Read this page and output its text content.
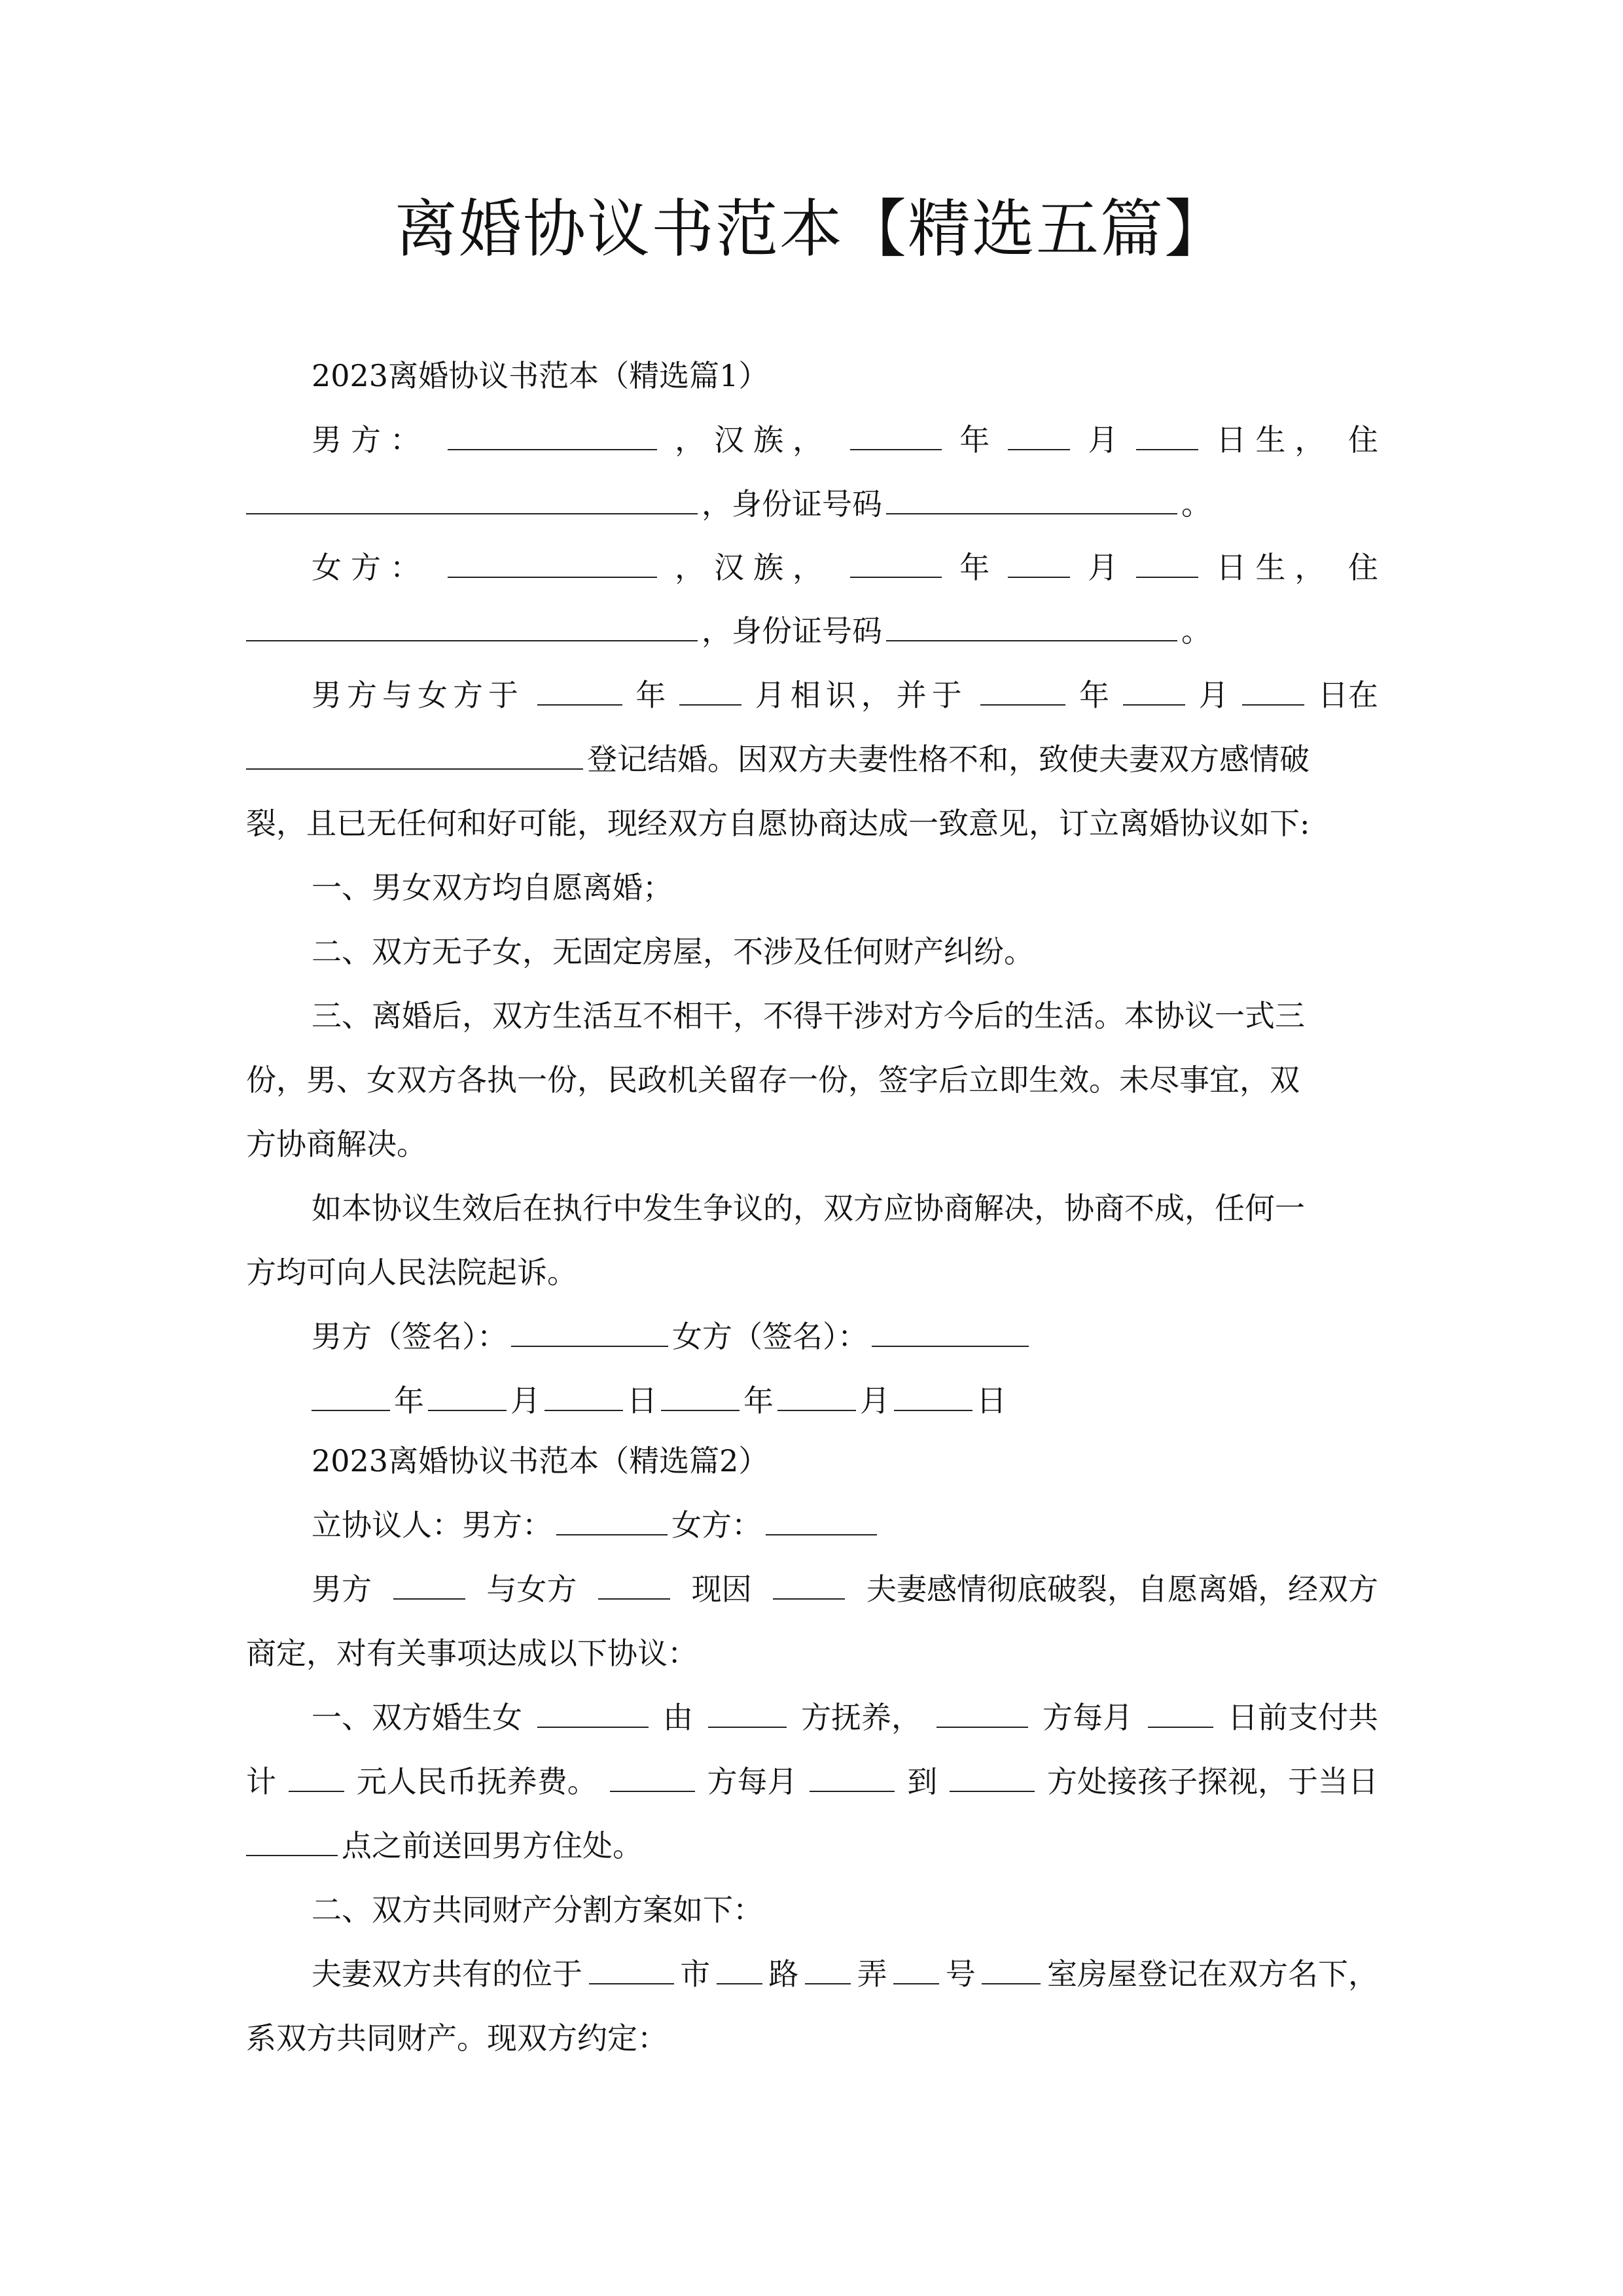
离婚协议书范本【精选五篇】
2023离婚协议书范本（精选篇1）
男方：	，汉族，	年	月	日生， 住
，身份证号码	。
女方：	，汉族，	年	月	日生， 住
，身份证号码	。
男方与女方于	年	月相识，并于	年	月	日在
登记结婚。因双方夫妻性格不和，致使夫妻双方感情破
裂，且已无任何和好可能，现经双方自愿协商达成一致意见，订立离婚协议如下:
一、男女双方均自愿离婚；
二、双方无子女，无固定房屋，不涉及任何财产纠纷。
三、离婚后，双方生活互不相干，不得干涉对方今后的生活。本协议一式三
份，男、女双方各执一份，民政机关留存一份，签字后立即生效。未尽事宜，双
方协商解决。
如本协议生效后在执行中发生争议的，双方应协商解决，协商不成，任何一
方均可向人民法院起诉。
男方（签名）：	女方（签名）：
年	月	日	年	月	日
2023离婚协议书范本（精选篇2）
立协议人：男方：	女方：
男方	与女方	现因	夫妻感情彻底破裂，自愿离婚，经双方
商定，对有关事项达成以下协议：
一、双方婚生女	由	方抚养，	方每月	日前支付共
计	元人民币抚养费。	方每月	到	方处接孩子探视，于当日
点之前送回男方住处。
二、双方共同财产分割方案如下：
夫妻双方共有的位于	市 路 弄 号 室房屋登记在双方名下，
系双方共同财产。现双方约定：
